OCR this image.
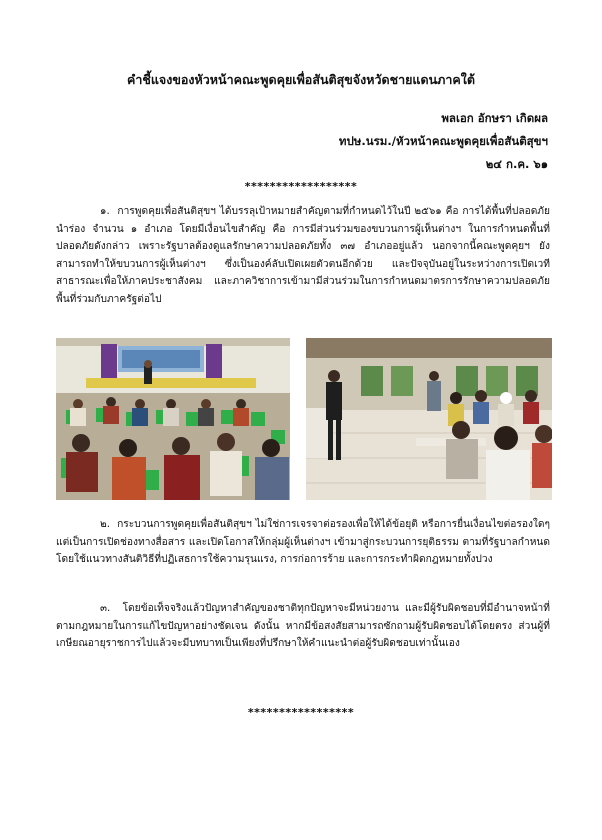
คำชี้แจงของหัวหน้าคณะพูดคุยเพื่อสันติสุขจังหวัดชายแดนภาคใต้
พลเอก อักษรา เกิดผล
ทปษ.นรม./หัวหน้าคณะพูดคุยเพื่อสันติสุขฯ
๒๔ ก.ค. ๖๑
******************
๑. การพูดคุยเพื่อสันติสุขฯ ได้บรรลุเป้าหมายสำคัญตามที่กำหนดไว้ในปี ๒๕๖๑ คือ การได้พื้นที่ปลอดภัยนำร่อง จำนวน ๑ อำเภอ โดยมีเงื่อนไขสำคัญ คือ การมีส่วนร่วมของขบวนการผู้เห็นต่างฯ ในการกำหนดพื้นที่ปลอดภัยดังกล่าว เพราะรัฐบาลต้องดูแลรักษาความปลอดภัยทั้ง ๓๗ อำเภออยู่แล้ว นอกจากนี้คณะพูดคุยฯ ยังสามารถทำให้ขบวนการผู้เห็นต่างฯ ซึ่งเป็นองค์ลับเปิดเผยตัวตนอีกด้วย และปัจจุบันอยู่ในระหว่างการเปิดเวทีสาธารณะเพื่อให้ภาคประชาสังคม และภาควิชาการเข้ามามีส่วนร่วมในการกำหนดมาตรการรักษาความปลอดภัยพื้นที่ร่วมกับภาครัฐต่อไป
๒. กระบวนการพูดคุยเพื่อสันติสุขฯ ไม่ใช่การเจรจาต่อรองเพื่อให้ได้ข้อยุติ หรือการยื่นเงื่อนไขต่อรองใดๆ แต่เป็นการเปิดช่องทางสื่อสาร และเปิดโอกาสให้กลุ่มผู้เห็นต่างฯ เข้ามาสู่กระบวนการยุติธรรม ตามที่รัฐบาลกำหนด โดยใช้แนวทางสันติวิธีที่ปฏิเสธการใช้ความรุนแรง, การก่อการร้าย และการกระทำผิดกฎหมายทั้งปวง
๓. โดยข้อเท็จจริงแล้วปัญหาสำคัญของชาติทุกปัญหาจะมีหน่วยงาน และมีผู้รับผิดชอบที่มีอำนาจหน้าที่ตามกฎหมายในการแก้ไขปัญหาอย่างชัดเจน ดังนั้น หากมีข้อสงสัยสามารถซักถามผู้รับผิดชอบได้โดยตรง ส่วนผู้ที่เกษียณอายุราชการไปแล้วจะมีบทบาทเป็นเพียงที่ปรึกษาให้คำแนะนำต่อผู้รับผิดชอบเท่านั้นเอง
*****************
